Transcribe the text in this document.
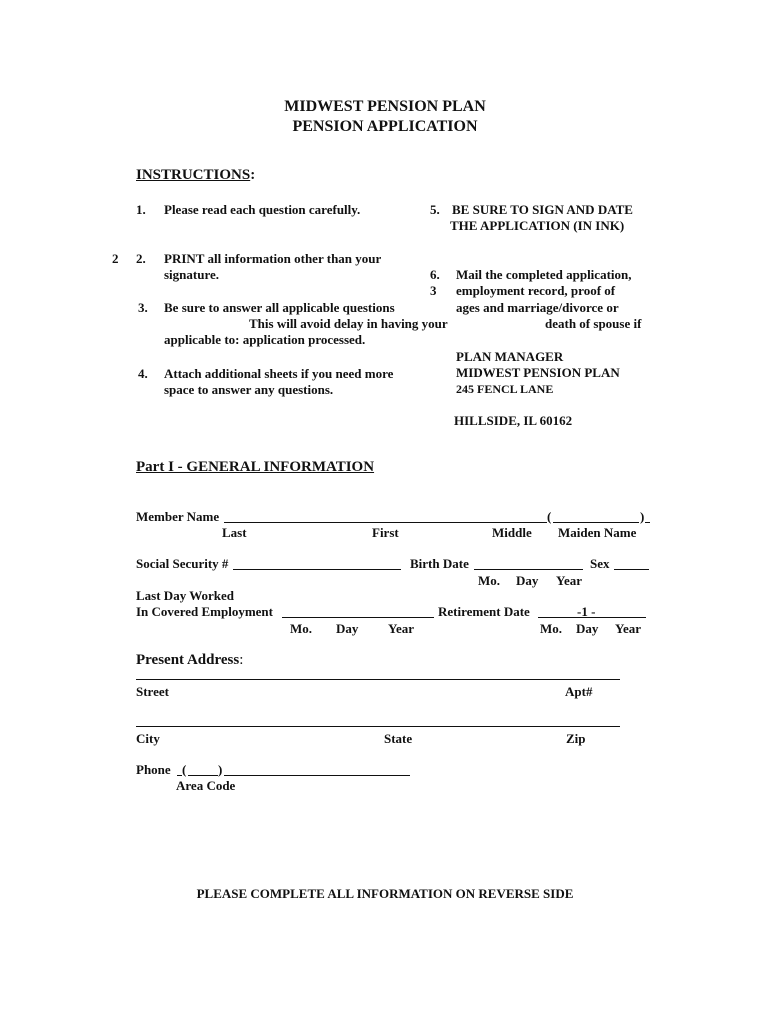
MIDWEST PENSION PLAN
PENSION APPLICATION
INSTRUCTIONS:
1. Please read each question carefully.
2 2. PRINT all information other than your
signature.
3. Be sure to answer all applicable questions
This will avoid delay in having your
applicable to: application processed.
4. Attach additional sheets if you need more
space to answer any questions.
5. BE SURE TO SIGN AND DATE
THE APPLICATION (IN INK)
6. Mail the completed application,
3 employment record, proof of
ages and marriage/divorce or
death of spouse if
PLAN MANAGER
MIDWEST PENSION PLAN
245 FENCL LANE
HILLSIDE, IL 60162
Part I - GENERAL INFORMATION
Member Name	(	)
Last	First	Middle Maiden Name
Social Security #	Birth Date	Sex
Mo. Day Year
Last Day Worked
In Covered Employment	Retirement Date	-1 -
Mo. Day Year	Mo. Day Year
Present Address:
Street	Apt#
City	State	Zip
Phone ( )
Area Code
PLEASE COMPLETE ALL INFORMATION ON REVERSE SIDE
